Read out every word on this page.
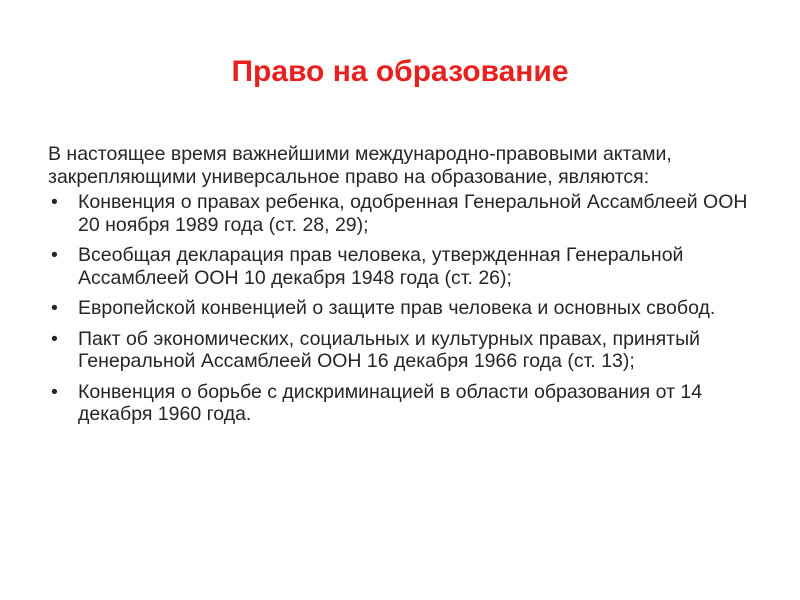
Право на образование

В настоящее время важнейшими международно-правовыми актами, закрепляющими универсальное право на образование, являются:

• Конвенция о правах ребенка, одобренная Генеральной Ассамблеей ООН 20 ноября 1989 года (ст. 28, 29);
• Всеобщая декларация прав человека, утвержденная Генеральной Ассамблеей ООН 10 декабря 1948 года (ст. 26);
• Европейской конвенцией о защите прав человека и основных свобод.
• Пакт об экономических, социальных и культурных правах, принятый Генеральной Ассамблеей ООН 16 декабря 1966 года (ст. 13);
• Конвенция о борьбе с дискриминацией в области образования от 14 декабря 1960 года.
